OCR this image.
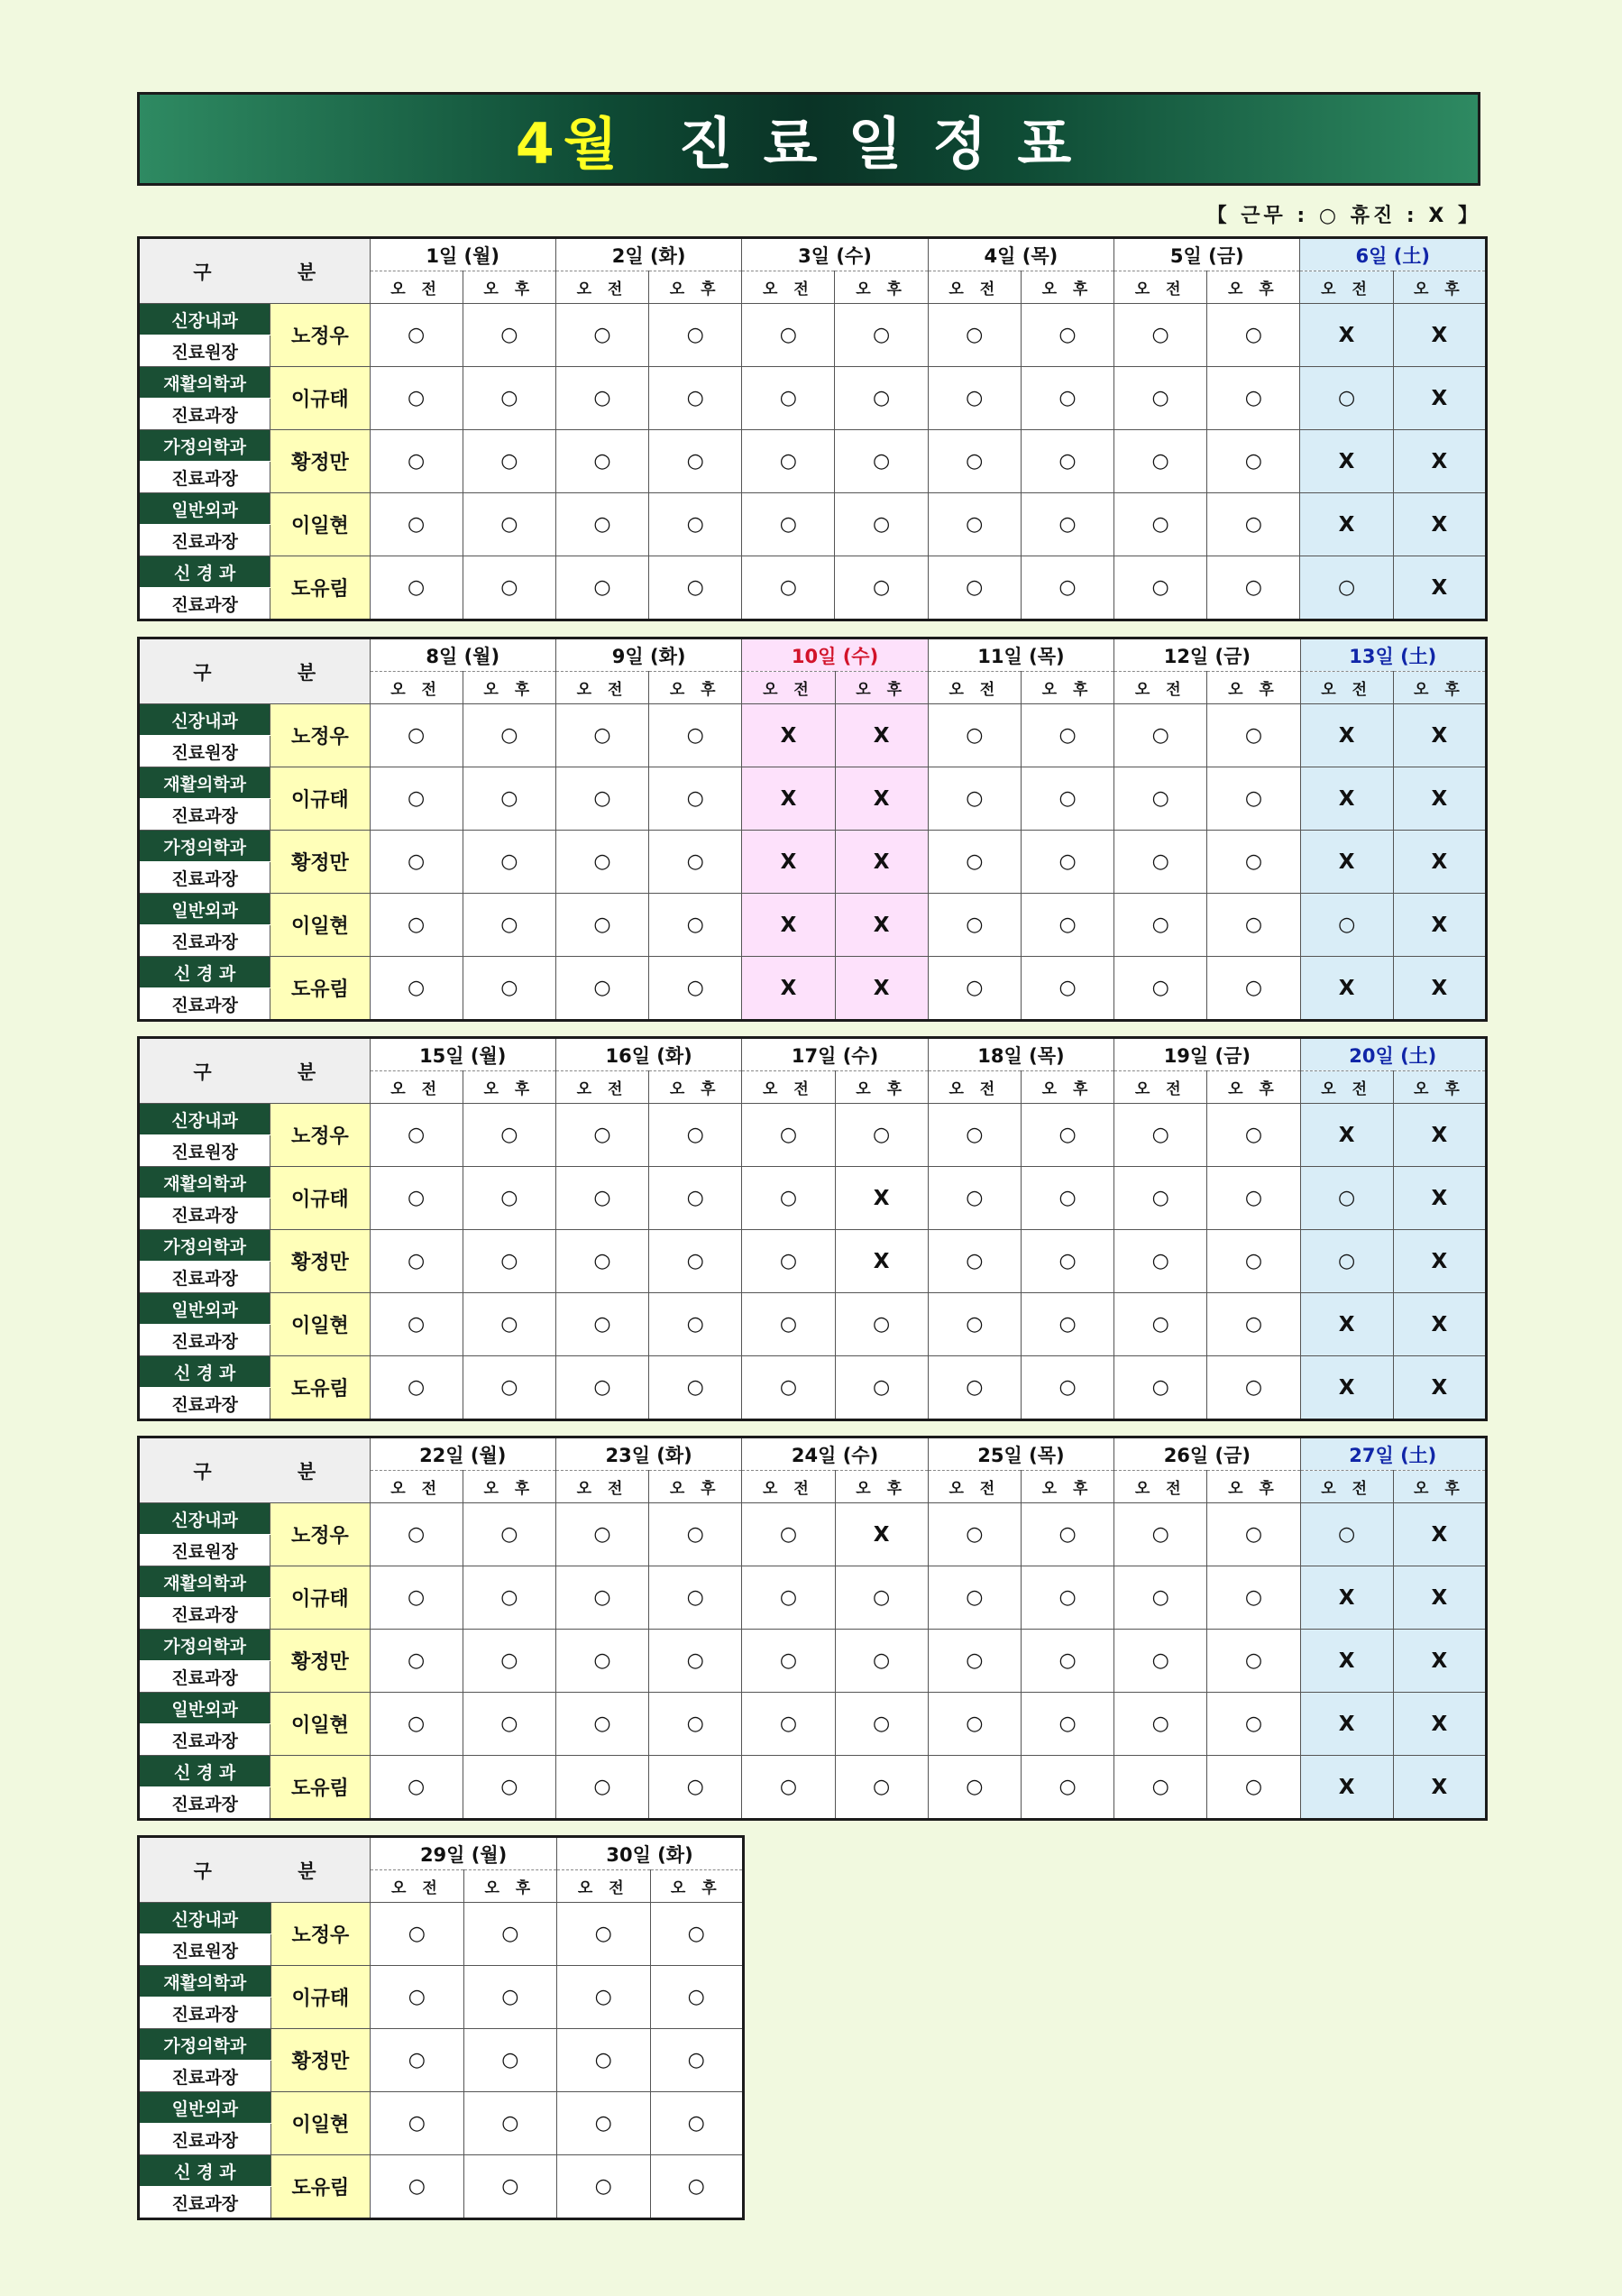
4월 진료일정표
【 근무 : ○ 휴진 : X 】
구 분		1일 (월)		2일 (화)		3일 (수)		4일 (목)		5일 (금)		6일 (土)	
		오 전	오 후	오 전	오 후	오 전	오 후	오 전	오 후	오 전	오 후	오 전	오 후
신장내과	노정우	○	○	○	○	○	○	○	○	○	○	X	X
진료원장													
재활의학과	이규태	○	○	○	○	○	○	○	○	○	○	○	X
진료과장													
가정의학과	황정만	○	○	○	○	○	○	○	○	○	○	X	X
진료과장													
일반외과	이일현	○	○	○	○	○	○	○	○	○	○	X	X
진료과장													
신 경 과	도유림	○	○	○	○	○	○	○	○	○	○	○	X
진료과장													
구 분		8일 (월)		9일 (화)		10일 (수)		11일 (목)		12일 (금)		13일 (土)	
		오 전	오 후	오 전	오 후	오 전	오 후	오 전	오 후	오 전	오 후	오 전	오 후
신장내과	노정우	○	○	○	○	X	X	○	○	○	○	X	X
진료원장													
재활의학과	이규태	○	○	○	○	X	X	○	○	○	○	X	X
진료과장													
가정의학과	황정만	○	○	○	○	X	X	○	○	○	○	X	X
진료과장													
일반외과	이일현	○	○	○	○	X	X	○	○	○	○	○	X
진료과장													
신 경 과	도유림	○	○	○	○	X	X	○	○	○	○	X	X
진료과장													
구 분		15일 (월)		16일 (화)		17일 (수)		18일 (목)		19일 (금)		20일 (土)	
		오 전	오 후	오 전	오 후	오 전	오 후	오 전	오 후	오 전	오 후	오 전	오 후
신장내과	노정우	○	○	○	○	○	○	○	○	○	○	X	X
진료원장													
재활의학과	이규태	○	○	○	○	○	X	○	○	○	○	○	X
진료과장													
가정의학과	황정만	○	○	○	○	○	X	○	○	○	○	○	X
진료과장													
일반외과	이일현	○	○	○	○	○	○	○	○	○	○	X	X
진료과장													
신 경 과	도유림	○	○	○	○	○	○	○	○	○	○	X	X
진료과장													
구 분		22일 (월)		23일 (화)		24일 (수)		25일 (목)		26일 (금)		27일 (土)	
		오 전	오 후	오 전	오 후	오 전	오 후	오 전	오 후	오 전	오 후	오 전	오 후
신장내과	노정우	○	○	○	○	○	X	○	○	○	○	○	X
진료원장													
재활의학과	이규태	○	○	○	○	○	○	○	○	○	○	X	X
진료과장													
가정의학과	황정만	○	○	○	○	○	○	○	○	○	○	X	X
진료과장													
일반외과	이일현	○	○	○	○	○	○	○	○	○	○	X	X
진료과장													
신 경 과	도유림	○	○	○	○	○	○	○	○	○	○	X	X
진료과장													
구 분		29일 (월)		30일 (화)	
		오 전	오 후	오 전	오 후
신장내과	노정우	○	○	○	○
진료원장					
재활의학과	이규태	○	○	○	○
진료과장					
가정의학과	황정만	○	○	○	○
진료과장					
일반외과	이일현	○	○	○	○
진료과장					
신 경 과	도유림	○	○	○	○
진료과장					
